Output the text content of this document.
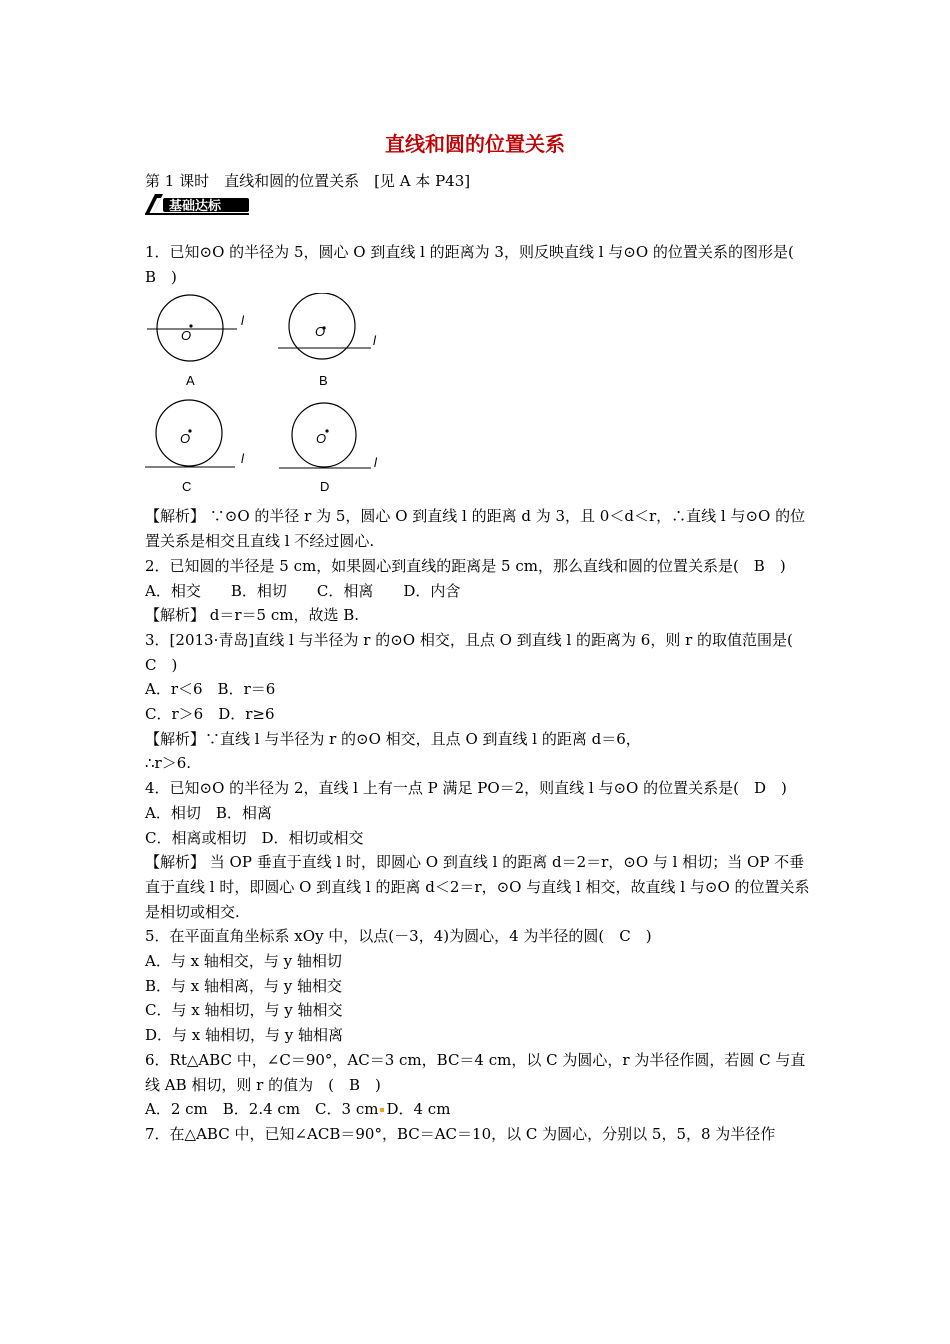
直线和圆的位置关系
第 1 课时　直线和圆的位置关系　[见 A 本 P43]
基础达标

1．已知⊙O 的半径为 5，圆心 O 到直线 l 的距离为 3，则反映直线 l 与⊙O 的位置关系的图形是(　B　)

O
l
A
O
l
B
O
l
C
O
l
D

【解析】 ∵⊙O 的半径 r 为 5，圆心 O 到直线 l 的距离 d 为 3，且 0＜d＜r，∴直线 l 与⊙O 的位置关系是相交且直线 l 不经过圆心.

2．已知圆的半径是 5 cm，如果圆心到直线的距离是 5 cm，那么直线和圆的位置关系是(　B　)

A．相交　　B．相切　　C．相离　　D．内含

【解析】 d＝r＝5 cm，故选 B.

3．[2013·青岛]直线 l 与半径为 r 的⊙O 相交，且点 O 到直线 l 的距离为 6，则 r 的取值范围是(　C　)

A．r＜6　B．r＝6

C．r＞6　D．r≥6

【解析】∵直线 l 与半径为 r 的⊙O 相交，且点 O 到直线 l 的距离 d＝6，

∴r＞6.

4．已知⊙O 的半径为 2，直线 l 上有一点 P 满足 PO＝2，则直线 l 与⊙O 的位置关系是(　D　)

A．相切　B．相离

C．相离或相切　D．相切或相交

【解析】 当 OP 垂直于直线 l 时，即圆心 O 到直线 l 的距离 d＝2＝r，⊙O 与 l 相切；当 OP 不垂直于直线 l 时，即圆心 O 到直线 l 的距离 d＜2＝r，⊙O 与直线 l 相交，故直线 l 与⊙O 的位置关系是相切或相交.

5．在平面直角坐标系 xOy 中，以点(－3，4)为圆心，4 为半径的圆(　C　)

A．与 x 轴相交，与 y 轴相切

B．与 x 轴相离，与 y 轴相交

C．与 x 轴相切，与 y 轴相交

D．与 x 轴相切，与 y 轴相离

6．Rt△ABC 中，∠C＝90°，AC＝3 cm，BC＝4 cm，以 C 为圆心，r 为半径作圆，若圆 C 与直线 AB 相切，则 r 的值为　(　B　)

A．2 cm　B．2.4 cm　C．3 cm D．4 cm

7．在△ABC 中，已知∠ACB＝90°，BC＝AC＝10，以 C 为圆心，分别以 5，5，8 为半径作
